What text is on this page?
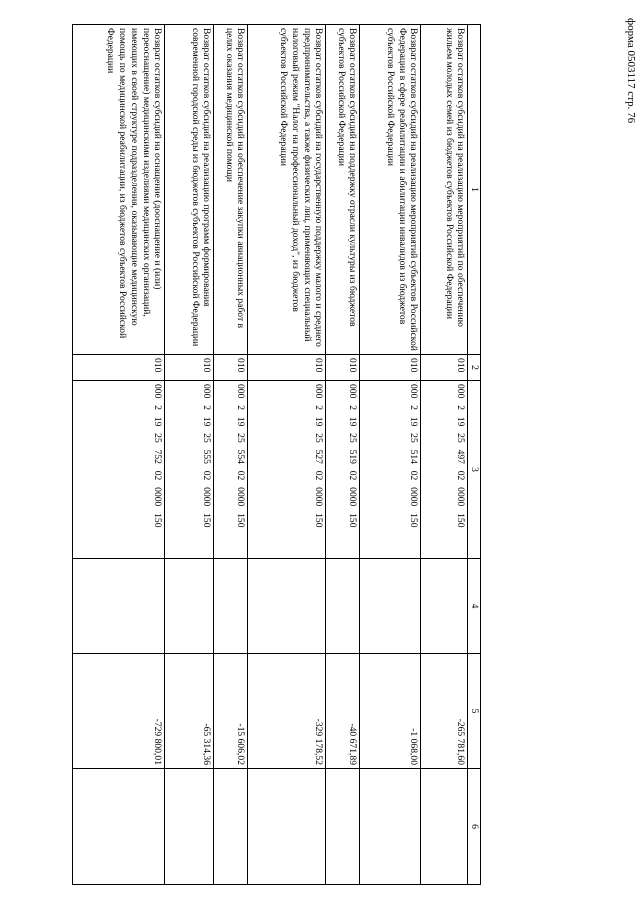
форма 0503117 стр. 76
1	2	3	4	5	6
Возврат остатков субсидий на реализацию мероприятий по обеспечению жильем молодых семей из бюджетов субъектов Российской Федерации	010	000  2  19  25  497  02  0000  150		-265 781,60	
Возврат остатков субсидий на реализацию мероприятий субъектов Российской Федерации в сфере реабилитации и абилитации инвалидов из бюджетов субъектов Российской Федерации	010	000  2  19  25  514  02  0000  150		-1 068,00	
Возврат остатков субсидий на поддержку отрасли культуры из бюджетов субъектов Российской Федерации	010	000  2  19  25  519  02  0000  150		-40 671,89	
Возврат остатков субсидий на государственную поддержку малого и среднего предпринимательства, а также физических лиц, применяющих специальный налоговый режим "Налог на профессиональный доход", из бюджетов субъектов Российской Федерации	010	000  2  19  25  527  02  0000  150		-329 178,52	
Возврат остатков субсидий на обеспечение закупки авиационных работ в целях оказания медицинской помощи	010	000  2  19  25  554  02  0000  150		-15 606,02	
Возврат остатков субсидий на реализацию программ формирования современной городской среды из бюджетов субъектов Российской Федерации	010	000  2  19  25  555  02  0000  150		-65 314,36	
Возврат остатков субсидий на оснащение (дооснащение и (или) переоснащение) медицинскими изделиями медицинских организаций, имеющих в своей структуре подразделения, оказывающие медицинскую помощь по медицинской реабилитации, из бюджетов субъектов Российской Федерации	010	000  2  19  25  752  02  0000  150		-729 800,01	
